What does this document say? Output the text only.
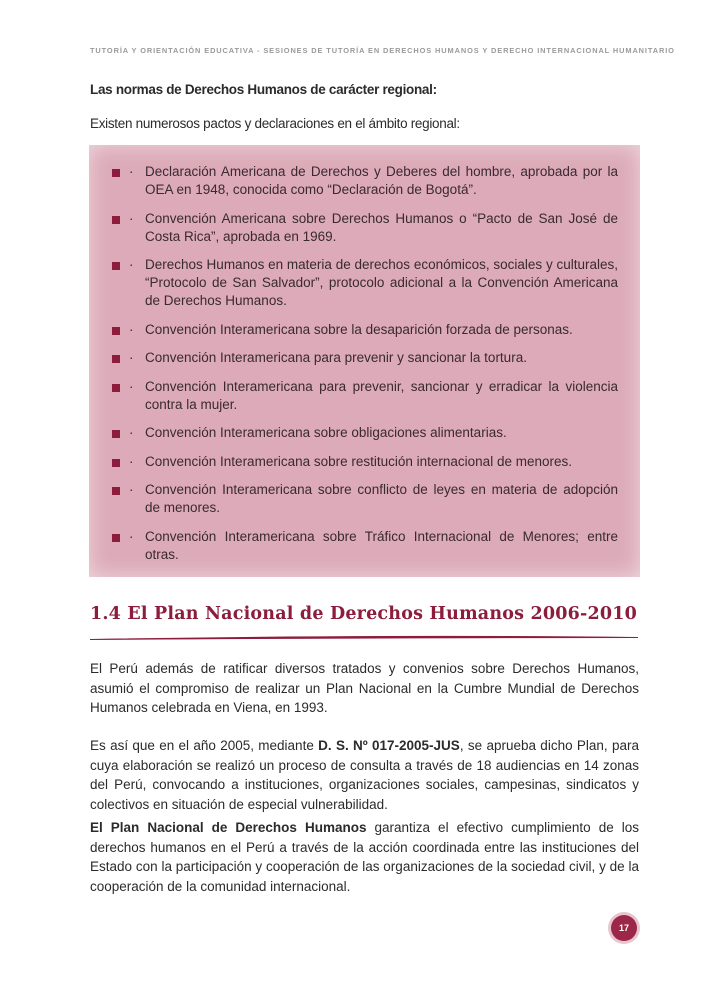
TUTORÍA Y ORIENTACIÓN EDUCATIVA - SESIONES DE TUTORÍA EN DERECHOS HUMANOS Y DERECHO INTERNACIONAL HUMANITARIO
Las normas de Derechos Humanos de carácter regional:
Existen numerosos pactos y declaraciones en el ámbito regional:
· Declaración Americana de Derechos y Deberes del hombre, aprobada por la OEA en 1948, conocida como “Declaración de Bogotá”.
· Convención Americana sobre Derechos Humanos o “Pacto de San José de Costa Rica”, aprobada en 1969.
· Derechos Humanos en materia de derechos económicos, sociales y culturales, “Protocolo de San Salvador”, protocolo adicional a la Convención Americana de Derechos Humanos.
· Convención Interamericana sobre la desaparición forzada de personas.
· Convención Interamericana para prevenir y sancionar la tortura.
· Convención Interamericana para prevenir, sancionar y erradicar la violencia contra la mujer.
· Convención Interamericana sobre obligaciones alimentarias.
· Convención Interamericana sobre restitución internacional de menores.
· Convención Interamericana sobre conflicto de leyes en materia de adopción de menores.
· Convención Interamericana sobre Tráfico Internacional de Menores; entre otras.
1.4 El Plan Nacional de Derechos Humanos 2006-2010
El Perú además de ratificar diversos tratados y convenios sobre Derechos Humanos, asumió el compromiso de realizar un Plan Nacional en la Cumbre Mundial de Derechos Humanos celebrada en Viena, en 1993.
Es así que en el año 2005, mediante D. S. Nº 017-2005-JUS, se aprueba dicho Plan, para cuya elaboración se realizó un proceso de consulta a través de 18 audiencias en 14 zonas del Perú, convocando a instituciones, organizaciones sociales, campesinas, sindicatos y colectivos en situación de especial vulnerabilidad.
El Plan Nacional de Derechos Humanos garantiza el efectivo cumplimiento de los derechos humanos en el Perú a través de la acción coordinada entre las instituciones del Estado con la participación y cooperación de las organizaciones de la sociedad civil, y de la cooperación de la comunidad internacional.
17
